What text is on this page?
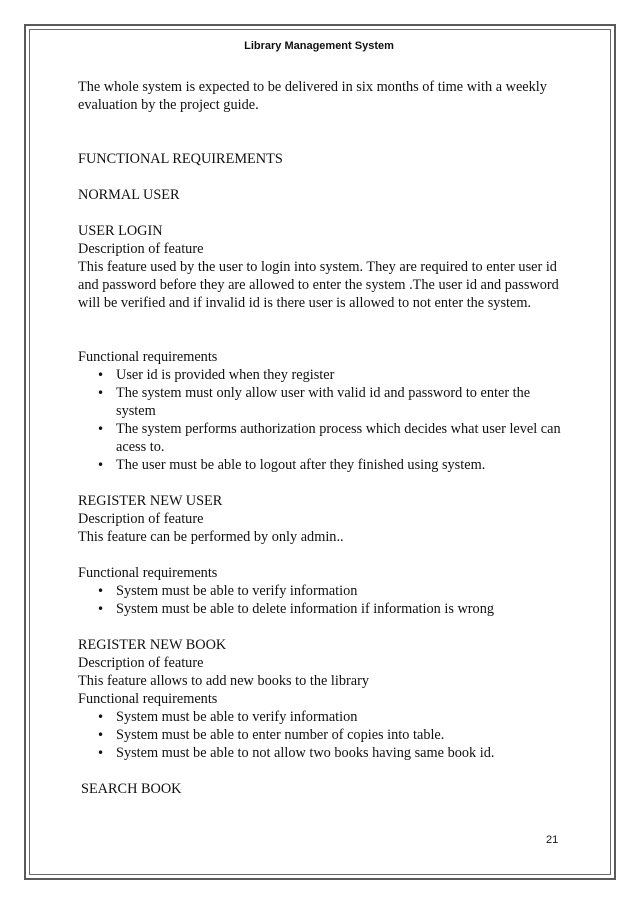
Library Management System

The whole system is expected to be delivered in six months of time with a weekly evaluation by the project guide.

FUNCTIONAL REQUIREMENTS

NORMAL USER

USER LOGIN

Description of feature

This feature used by the user to login into system. They are required to enter user id and password before they are allowed to enter the system .The user id and password will be verified and if invalid id is there user is allowed to not enter the system.

Functional requirements

• User id is provided when they register
• The system must only allow user with valid id and password to enter the system
• The system performs authorization process which decides what user level can acess to.
• The user must be able to logout after they finished using system.

REGISTER NEW USER

Description of feature

This feature can be performed by only admin..

Functional requirements

• System must be able to verify information
• System must be able to delete information if information is wrong

REGISTER NEW BOOK

Description of feature

This feature allows to add new books to the library

Functional requirements

• System must be able to verify information
• System must be able to enter number of copies into table.
• System must be able to not allow two books having same book id.

SEARCH BOOK

21
